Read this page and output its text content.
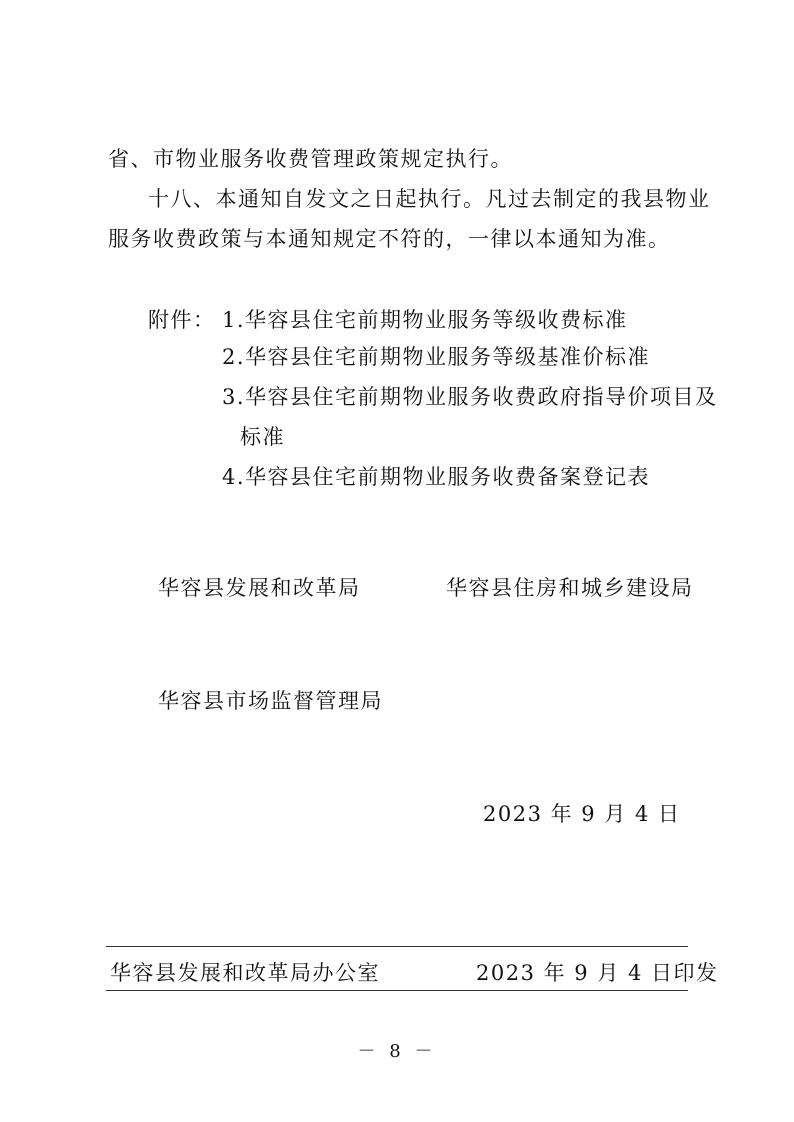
省、市物业服务收费管理政策规定执行。
十八、本通知自发文之日起执行。凡过去制定的我县物业
服务收费政策与本通知规定不符的，一律以本通知为准。
附件： 1.华容县住宅前期物业服务等级收费标准
2.华容县住宅前期物业服务等级基准价标准
3.华容县住宅前期物业服务收费政府指导价项目及
标准
4.华容县住宅前期物业服务收费备案登记表
华容县发展和改革局	华容县住房和城乡建设局
华容县市场监督管理局
2023 年 9 月 4 日
华容县发展和改革局办公室	2023 年 9 月 4 日印发
－ 8 －
